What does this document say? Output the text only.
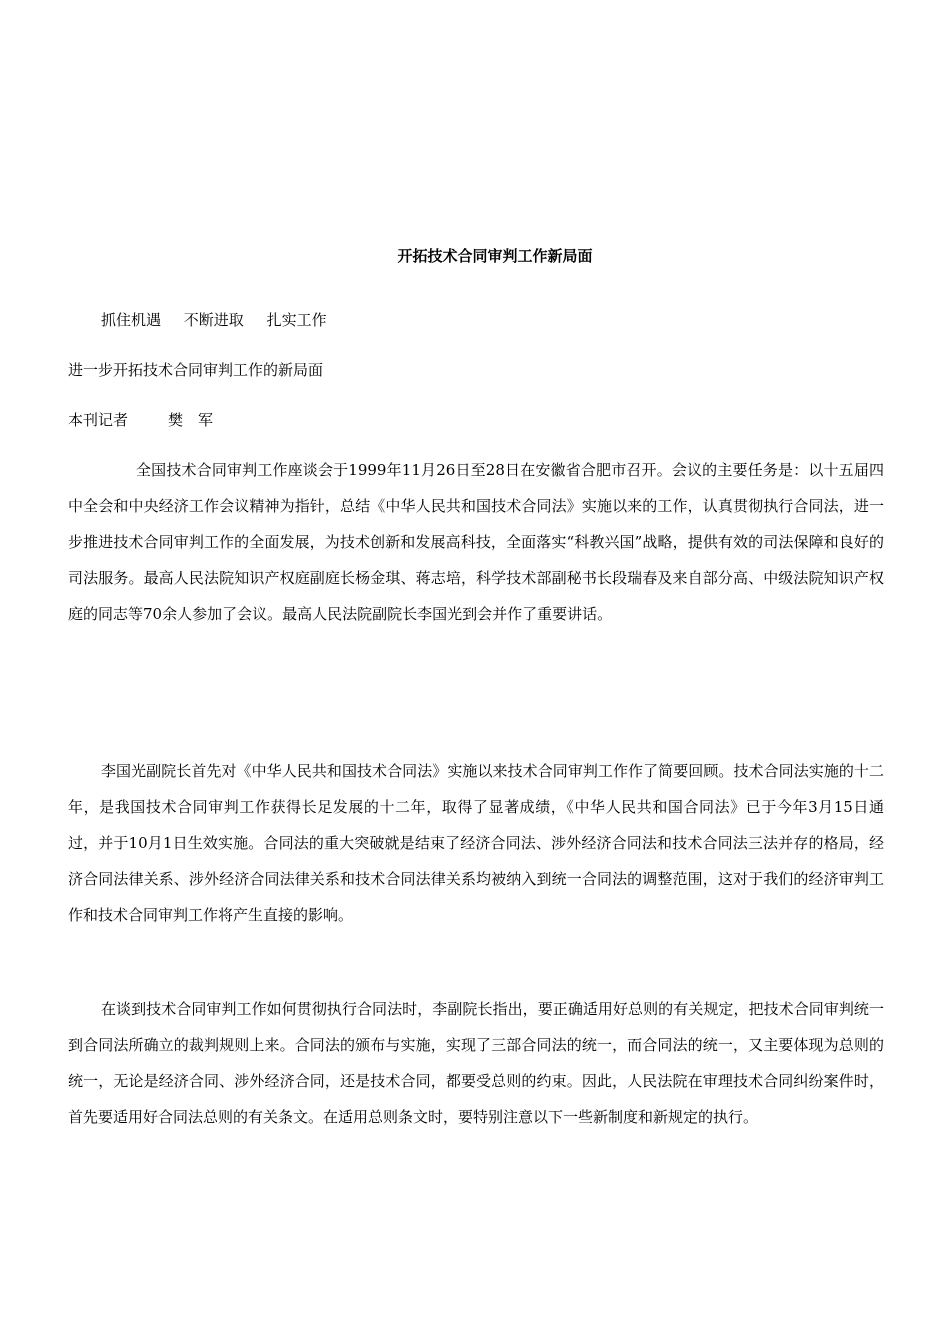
开拓技术合同审判工作新局面
抓住机遇 不断进取 扎实工作
进一步开拓技术合同审判工作的新局面
本刊记者	樊　军
全国技术合同审判工作座谈会于1999年11月26日至28日在安徽省合肥市召开。会议的主要任务是：以十五届四中全会和中央经济工作会议精神为指针，总结《中华人民共和国技术合同法》实施以来的工作，认真贯彻执行合同法，进一步推进技术合同审判工作的全面发展，为技术创新和发展高科技，全面落实“科教兴国”战略，提供有效的司法保障和良好的司法服务。最高人民法院知识产权庭副庭长杨金琪、蒋志培，科学技术部副秘书长段瑞春及来自部分高、中级法院知识产权庭的同志等70余人参加了会议。最高人民法院副院长李国光到会并作了重要讲话。
李国光副院长首先对《中华人民共和国技术合同法》实施以来技术合同审判工作作了简要回顾。技术合同法实施的十二年，是我国技术合同审判工作获得长足发展的十二年，取得了显著成绩，《中华人民共和国合同法》已于今年3月15日通过，并于10月1日生效实施。合同法的重大突破就是结束了经济合同法、涉外经济合同法和技术合同法三法并存的格局，经济合同法律关系、涉外经济合同法律关系和技术合同法律关系均被纳入到统一合同法的调整范围，这对于我们的经济审判工作和技术合同审判工作将产生直接的影响。
在谈到技术合同审判工作如何贯彻执行合同法时，李副院长指出，要正确适用好总则的有关规定，把技术合同审判统一到合同法所确立的裁判规则上来。合同法的颁布与实施，实现了三部合同法的统一，而合同法的统一，又主要体现为总则的统一，无论是经济合同、涉外经济合同，还是技术合同，都要受总则的约束。因此，人民法院在审理技术合同纠纷案件时，首先要适用好合同法总则的有关条文。在适用总则条文时，要特别注意以下一些新制度和新规定的执行。
